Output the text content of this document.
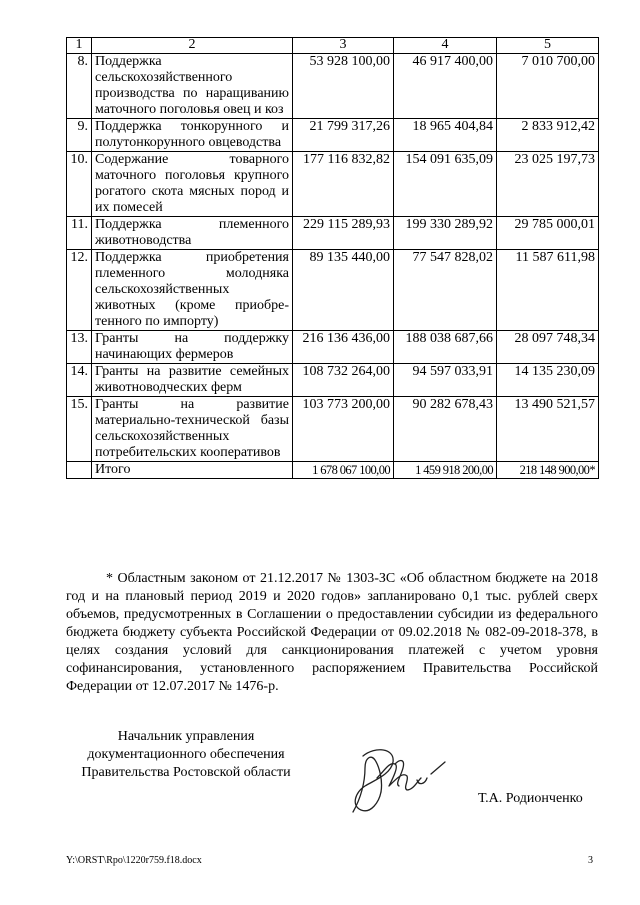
1	2	3	4	5
8.	Поддержка сельскохозяйственного производства по наращиванию маточного поголовья овец и коз	53 928 100,00	46 917 400,00	7 010 700,00
9.	Поддержка тонкорунного и полутонкорунного овцеводства	21 799 317,26	18 965 404,84	2 833 912,42
10.	Содержание товарного маточного поголовья крупного рогатого скота мясных пород и их помесей	177 116 832,82	154 091 635,09	23 025 197,73
11.	Поддержка племенного животноводства	229 115 289,93	199 330 289,92	29 785 000,01
12.	Поддержка приобретения племенного молодняка сельскохозяйственных животных (кроме приобретенного по импорту)	89 135 440,00	77 547 828,02	11 587 611,98
13.	Гранты на поддержку начинающих фермеров	216 136 436,00	188 038 687,66	28 097 748,34
14.	Гранты на развитие семейных животноводческих ферм	108 732 264,00	94 597 033,91	14 135 230,09
15.	Гранты на развитие материально-технической базы сельскохозяйственных потребительских кооперативов	103 773 200,00	90 282 678,43	13 490 521,57
	Итого	1 678 067 100,00	1 459 918 200,00	218 148 900,00*

* Областным законом от 21.12.2017 № 1303-ЗС «Об областном бюджете на 2018 год и на плановый период 2019 и 2020 годов» запланировано 0,1 тыс. рублей сверх объемов, предусмотренных в Соглашении о предоставлении субсидии из федерального бюджета бюджету субъекта Российской Федерации от 09.02.2018 № 082-09-2018-378, в целях создания условий для санкционирования платежей с учетом уровня софинансирования, установленного распоряжением Правительства Российской Федерации от 12.07.2017 № 1476-р.

Начальник управления
документационного обеспечения
Правительства Ростовской области
Т.А. Родионченко
Y:\ORST\Rpo\1220r759.f18.docx	3
